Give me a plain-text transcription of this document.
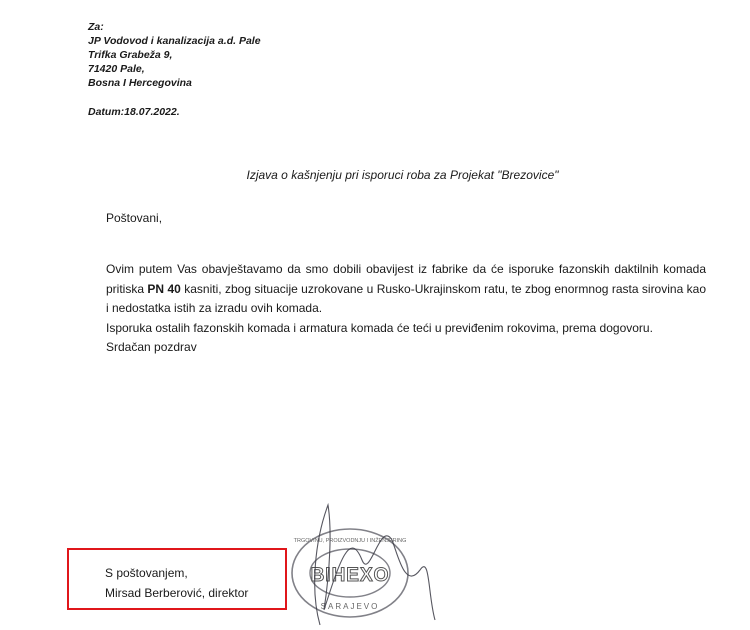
Za:
JP Vodovod i kanalizacija a.d. Pale
Trifka Grabeža 9,
71420 Pale,
Bosna I Hercegovina
Datum:18.07.2022.
Izjava o kašnjenju pri isporuci roba za Projekat "Brezovice"
Poštovani,

Ovim putem Vas obavještavamo da smo dobili obavijest iz fabrike da će isporuke fazonskih daktilnih komada pritiska PN 40 kasniti, zbog situacije uzrokovane u Rusko-Ukrajinskom ratu, te zbog enormnog rasta sirovina kao i nedostatka istih za izradu ovih komada.

Isporuka ostalih fazonskih komada i armatura komada će teći u previđenim rokovima, prema dogovoru.

Srdačan pozdrav

S poštovanjem,
Mirsad Berberović, direktor
BIHEXO
TRGOVINU, PROIZVODNJU I INŽENJERING
SARAJEVO
